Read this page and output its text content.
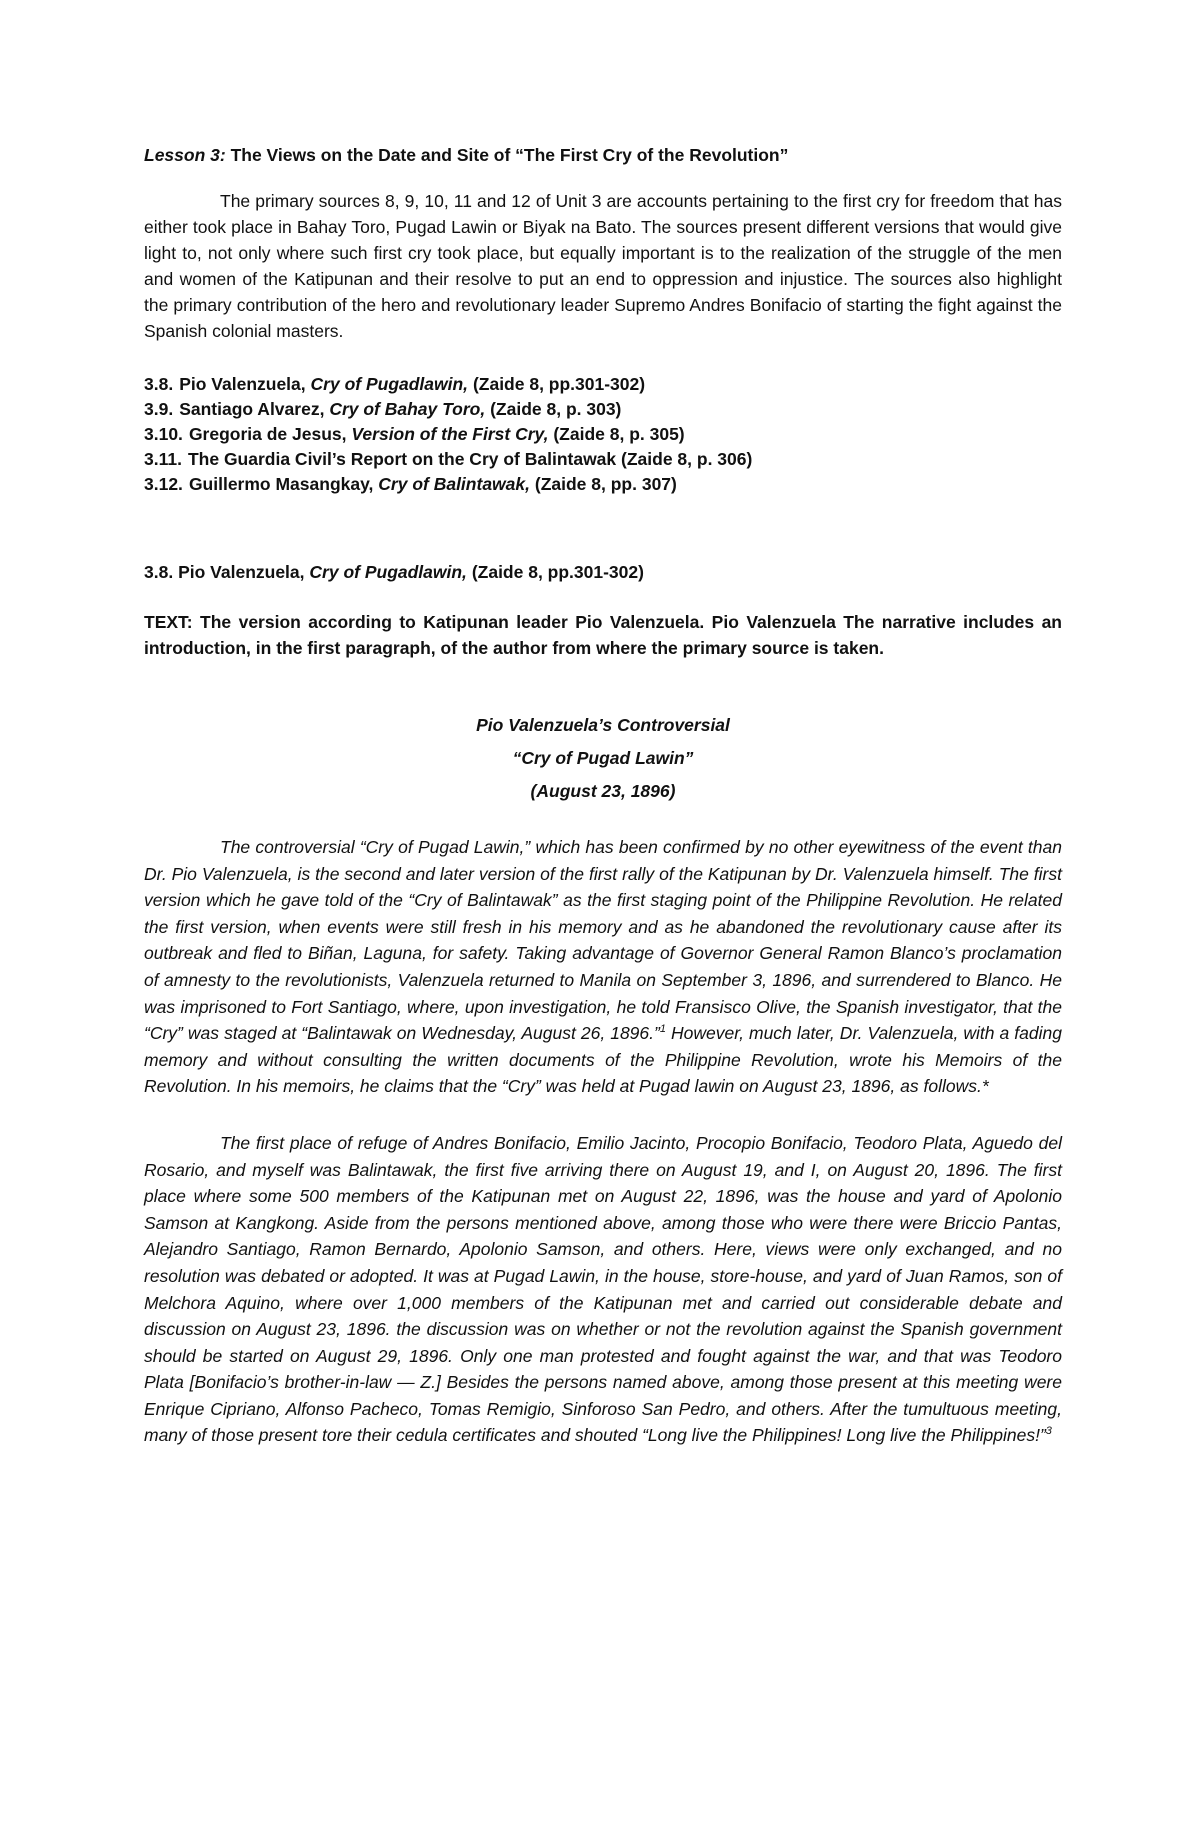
Lesson 3: The Views on the Date and Site of “The First Cry of the Revolution”

The primary sources 8, 9, 10, 11 and 12 of Unit 3 are accounts pertaining to the first cry for freedom that has either took place in Bahay Toro, Pugad Lawin or Biyak na Bato. The sources present different versions that would give light to, not only where such first cry took place, but equally important is to the realization of the struggle of the men and women of the Katipunan and their resolve to put an end to oppression and injustice. The sources also highlight the primary contribution of the hero and revolutionary leader Supremo Andres Bonifacio of starting the fight against the Spanish colonial masters.

3.8. Pio Valenzuela, Cry of Pugadlawin, (Zaide 8, pp.301-302)
3.9. Santiago Alvarez, Cry of Bahay Toro, (Zaide 8, p. 303)
3.10. Gregoria de Jesus, Version of the First Cry, (Zaide 8, p. 305)
3.11. The Guardia Civil’s Report on the Cry of Balintawak (Zaide 8, p. 306)
3.12. Guillermo Masangkay, Cry of Balintawak, (Zaide 8, pp. 307)

3.8. Pio Valenzuela, Cry of Pugadlawin, (Zaide 8, pp.301-302)

TEXT: The version according to Katipunan leader Pio Valenzuela. Pio Valenzuela The narrative includes an introduction, in the first paragraph, of the author from where the primary source is taken.

Pio Valenzuela’s Controversial
“Cry of Pugad Lawin”
(August 23, 1896)

The controversial “Cry of Pugad Lawin,” which has been confirmed by no other eyewitness of the event than Dr. Pio Valenzuela, is the second and later version of the first rally of the Katipunan by Dr. Valenzuela himself. The first version which he gave told of the “Cry of Balintawak” as the first staging point of the Philippine Revolution. He related the first version, when events were still fresh in his memory and as he abandoned the revolutionary cause after its outbreak and fled to Biñan, Laguna, for safety. Taking advantage of Governor General Ramon Blanco’s proclamation of amnesty to the revolutionists, Valenzuela returned to Manila on September 3, 1896, and surrendered to Blanco. He was imprisoned to Fort Santiago, where, upon investigation, he told Fransisco Olive, the Spanish investigator, that the “Cry” was staged at “Balintawak on Wednesday, August 26, 1896.”$^1$ However, much later, Dr. Valenzuela, with a fading memory and without consulting the written documents of the Philippine Revolution, wrote his Memoirs of the Revolution. In his memoirs, he claims that the “Cry” was held at Pugad lawin on August 23, 1896, as follows.*

The first place of refuge of Andres Bonifacio, Emilio Jacinto, Procopio Bonifacio, Teodoro Plata, Aguedo del Rosario, and myself was Balintawak, the first five arriving there on August 19, and I, on August 20, 1896. The first place where some 500 members of the Katipunan met on August 22, 1896, was the house and yard of Apolonio Samson at Kangkong. Aside from the persons mentioned above, among those who were there were Briccio Pantas, Alejandro Santiago, Ramon Bernardo, Apolonio Samson, and others. Here, views were only exchanged, and no resolution was debated or adopted. It was at Pugad Lawin, in the house, store-house, and yard of Juan Ramos, son of Melchora Aquino, where over 1,000 members of the Katipunan met and carried out considerable debate and discussion on August 23, 1896. the discussion was on whether or not the revolution against the Spanish government should be started on August 29, 1896. Only one man protested and fought against the war, and that was Teodoro Plata [Bonifacio’s brother-in-law — Z.] Besides the persons named above, among those present at this meeting were Enrique Cipriano, Alfonso Pacheco, Tomas Remigio, Sinforoso San Pedro, and others. After the tumultuous meeting, many of those present tore their cedula certificates and shouted “Long live the Philippines! Long live the Philippines!”$^3$
